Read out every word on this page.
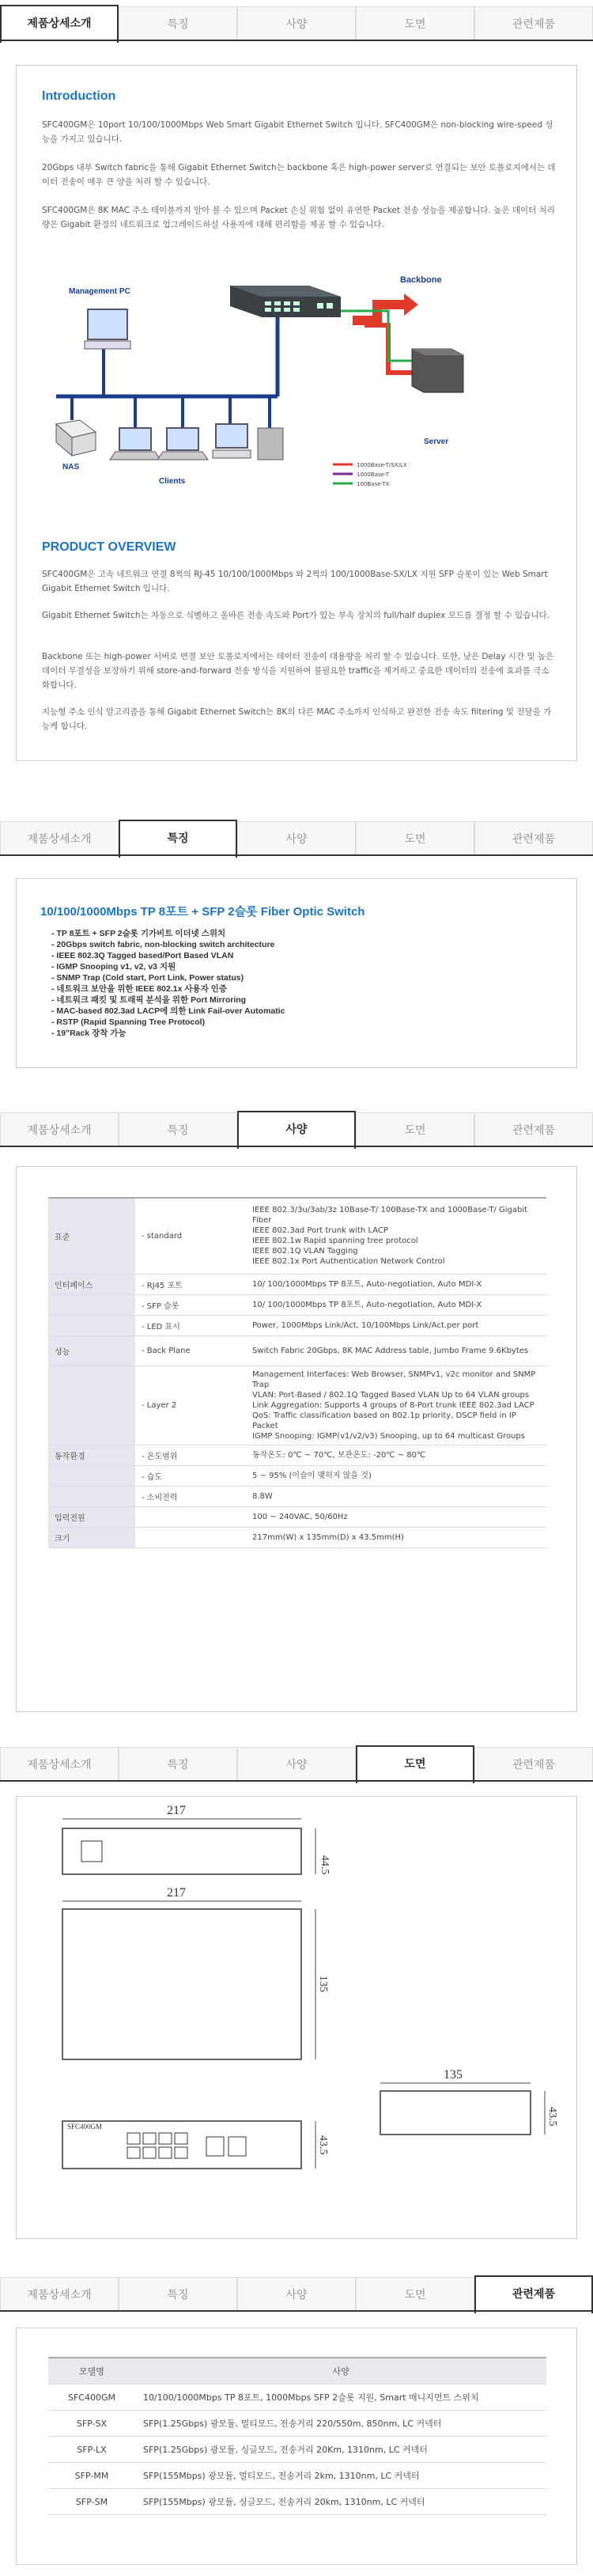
제품상세소개	특징	사양	도면	관련제품
Introduction
SFC400GM은 10port 10/100/1000Mbps Web Smart Gigabit Ethernet Switch 입니다. SFC400GM은 non-blocking wire-speed 성능을 가지고 있습니다.
20Gbps 내부 Switch fabric을 통해 Gigabit Ethernet Switch는 backbone 혹은 high-power server로 연결되는 보안 토폴로지에서는 데이터 전송이 매우 큰 양을 처리 할 수 있습니다.
SFC400GM은 8K MAC 주소 테이블까지 알아 볼 수 있으며 Packet 손실 위험 없이 유연한 Packet 전송 성능을 제공합니다. 높은 데이터 처리량은 Gigabit 환경의 네트워크로 업그레이드하실 사용자에 대해 편리함을 제공 할 수 있습니다.
Management PC
Backbone
NAS
Clients
Server
1000Base-T/SX/LX
1000Base-T
100Base-TX
PRODUCT OVERVIEW
SFC400GM은 고속 네트워크 연결 8쩍의 RJ-45 10/100/1000Mbps 와 2쩍의 100/1000Base-SX/LX 지원 SFP 슬롯이 있는 Web Smart Gigabit Ethernet Switch 입니다.
Gigabit Ethernet Switch는 자동으로 식별하고 올바른 전송 속도와 Port가 있는 부속 장치의 full/half duplex 모드를 결정 할 수 있습니다.
Backbone 또는 high-power 서버로 연결 보안 토폴로지에서는 데이터 전송이 대용량을 처리 할 수 있습니다. 또한, 낮은 Delay 시간 및 높은 데이터 무결성을 보장하기 위해 store-and-forward 전송 방식을 지원하여 불필요한 traffic을 제거하고 중요한 데이터의 전송에 효과를 극소화합니다.
지능형 주소 인식 알고리즘을 통해 Gigabit Ethernet Switch는 8K의 다른 MAC 주소까지 인식하고 완전한 전송 속도 filtering 및 전달을 가능케 합니다.
제품상세소개	특징	사양	도면	관련제품
10/100/1000Mbps TP 8포트 + SFP 2슬롯 Fiber Optic Switch
- TP 8포트 + SFP 2슬롯 기가비트 이더넷 스위치
- 20Gbps switch fabric, non-blocking switch architecture
- IEEE 802.3Q Tagged based/Port Based VLAN
- IGMP Snooping v1, v2, v3 지원
- SNMP Trap (Cold start, Port Link, Power status)
- 네트워크 보안을 위한 IEEE 802.1x 사용자 인증
- 네트워크 패킷 및 트래픽 분석을 위한 Port Mirroring
- MAC-based 802.3ad LACP에 의한 Link Fail-over Automatic
- RSTP (Rapid Spanning Tree Protocol)
- 19"Rack 장착 가능
제품상세소개	특징	사양	도면	관련제품
표준	- standard	IEEE 802.3/3u/3ab/3z 10Base-T/ 100Base-TX and 1000Base-T/ Gigabit Fiber
IEEE 802.3ad Port trunk with LACP
IEEE 802.1w Rapid spanning tree protocol
IEEE 802.1Q VLAN Tagging
IEEE 802.1x Port Authentication Network Control
인터페이스	- RJ45 포트	10/ 100/1000Mbps TP 8포트, Auto-negotiation, Auto MDI-X
	- SFP 슬롯	10/ 100/1000Mbps TP 8포트, Auto-negotiation, Auto MDI-X
	- LED 표시	Power, 1000Mbps Link/Act, 10/100Mbps Link/Act.per port
성능	- Back Plane	Switch Fabric 20Gbps, 8K MAC Address table, Jumbo Frame 9.6Kbytes
	- Layer 2	Management Interfaces: Web Browser, SNMPv1, v2c monitor and SNMP Trap
VLAN: Port-Based / 802.1Q Tagged Based VLAN Up to 64 VLAN groups
Link Aggregation: Supports 4 groups of 8-Port trunk IEEE 802.3ad LACP
QoS: Traffic classification based on 802.1p priority, DSCP field in IP Packet
IGMP Snooping: IGMP(v1/v2/v3) Snooping, up to 64 multicast Groups
동작환경	- 온도범위	동작온도: 0℃ ~ 70℃, 보관온도: -20℃ ~ 80℃
	- 습도	5 ~ 95% (이슬이 맺히지 않을 것)
	- 소비전력	8.8W
입력전원		100 ~ 240VAC, 50/60Hz
크기		217mm(W) x 135mm(D) x 43.5mm(H)
제품상세소개	특징	사양	도면	관련제품
217
44.5
217
135
135
43.5
SFC400GM
43.5
제품상세소개	특징	사양	도면	관련제품
모델명	사양
SFC400GM	10/100/1000Mbps TP 8포트, 1000Mbps SFP 2슬롯 지원, Smart 매니지먼트 스위치
SFP-SX	SFP(1.25Gbps) 광모듈, 멀티모드, 전송거리 220/550m, 850nm, LC 커넥터
SFP-LX	SFP(1.25Gbps) 광모듈, 싱글모드, 전송거리 20Km, 1310nm, LC 커넥터
SFP-MM	SFP(155Mbps) 광모듈, 멀티모드, 전송거리 2km, 1310nm, LC 커넥터
SFP-SM	SFP(155Mbps) 광모듈, 싱글모드, 전송거리 20km, 1310nm, LC 커넥터
